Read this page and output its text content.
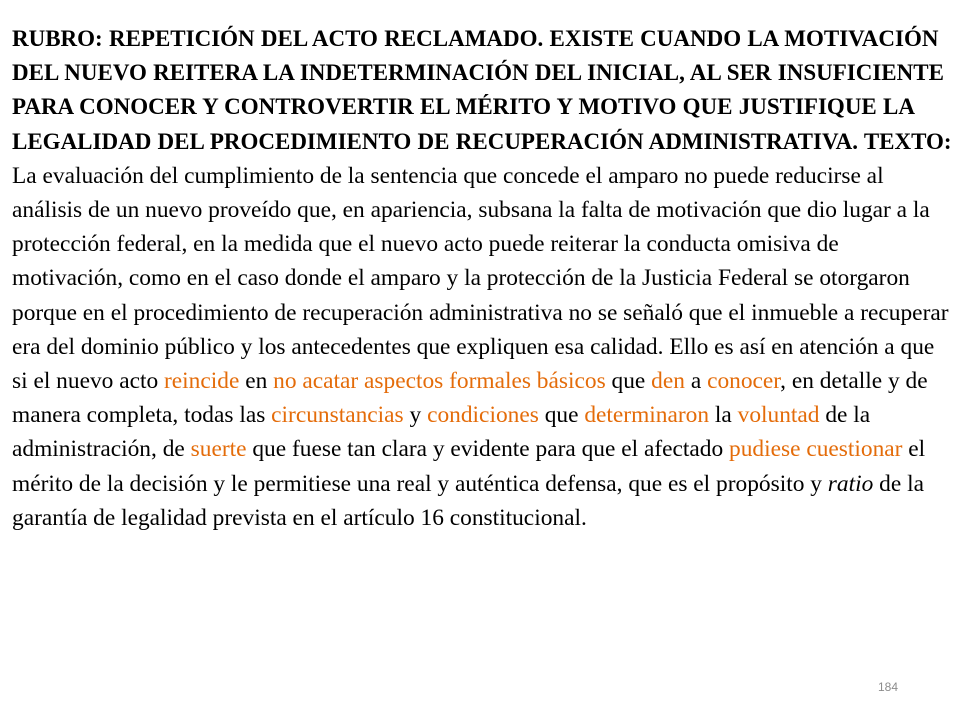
RUBRO: REPETICIÓN DEL ACTO RECLAMADO. EXISTE CUANDO LA MOTIVACIÓN DEL NUEVO REITERA LA INDETERMINACIÓN DEL INICIAL, AL SER INSUFICIENTE PARA CONOCER Y CONTROVERTIR EL MÉRITO Y MOTIVO QUE JUSTIFIQUE LA LEGALIDAD DEL PROCEDIMIENTO DE RECUPERACIÓN ADMINISTRATIVA. TEXTO: La evaluación del cumplimiento de la sentencia que concede el amparo no puede reducirse al análisis de un nuevo proveído que, en apariencia, subsana la falta de motivación que dio lugar a la protección federal, en la medida que el nuevo acto puede reiterar la conducta omisiva de motivación, como en el caso donde el amparo y la protección de la Justicia Federal se otorgaron porque en el procedimiento de recuperación administrativa no se señaló que el inmueble a recuperar era del dominio público y los antecedentes que expliquen esa calidad. Ello es así en atención a que si el nuevo acto reincide en no acatar aspectos formales básicos que den a conocer, en detalle y de manera completa, todas las circunstancias y condiciones que determinaron la voluntad de la administración, de suerte que fuese tan clara y evidente para que el afectado pudiese cuestionar el mérito de la decisión y le permitiese una real y auténtica defensa, que es el propósito y ratio de la garantía de legalidad prevista en el artículo 16 constitucional.

184
